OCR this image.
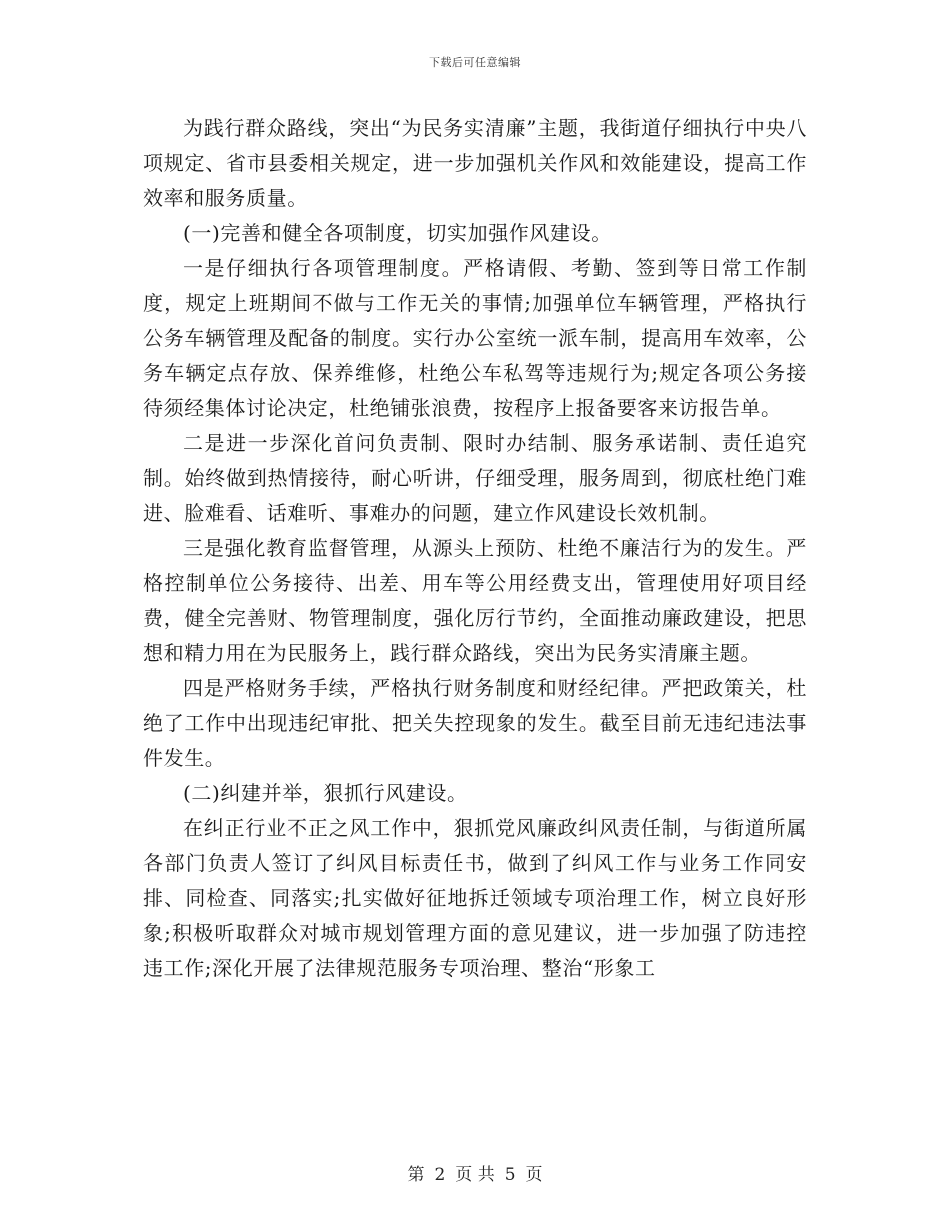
下载后可任意编辑

为践行群众路线，突出“为民务实清廉”主题，我街道仔细执行中央八项规定、省市县委相关规定，进一步加强机关作风和效能建设，提高工作效率和服务质量。

(一)完善和健全各项制度，切实加强作风建设。

一是仔细执行各项管理制度。严格请假、考勤、签到等日常工作制度，规定上班期间不做与工作无关的事情;加强单位车辆管理，严格执行公务车辆管理及配备的制度。实行办公室统一派车制，提高用车效率，公务车辆定点存放、保养维修，杜绝公车私驾等违规行为;规定各项公务接待须经集体讨论决定，杜绝铺张浪费，按程序上报备要客来访报告单。

二是进一步深化首问负责制、限时办结制、服务承诺制、责任追究制。始终做到热情接待，耐心听讲，仔细受理，服务周到，彻底杜绝门难进、脸难看、话难听、事难办的问题，建立作风建设长效机制。

三是强化教育监督管理，从源头上预防、杜绝不廉洁行为的发生。严格控制单位公务接待、出差、用车等公用经费支出，管理使用好项目经费，健全完善财、物管理制度，强化厉行节约，全面推动廉政建设，把思想和精力用在为民服务上，践行群众路线，突出为民务实清廉主题。

四是严格财务手续，严格执行财务制度和财经纪律。严把政策关，杜绝了工作中出现违纪审批、把关失控现象的发生。截至目前无违纪违法事件发生。

(二)纠建并举，狠抓行风建设。

在纠正行业不正之风工作中，狠抓党风廉政纠风责任制，与街道所属各部门负责人签订了纠风目标责任书，做到了纠风工作与业务工作同安排、同检查、同落实;扎实做好征地拆迁领域专项治理工作，树立良好形象;积极听取群众对城市规划管理方面的意见建议，进一步加强了防违控违工作;深化开展了法律规范服务专项治理、整治“形象工

第 2 页 共 5 页
